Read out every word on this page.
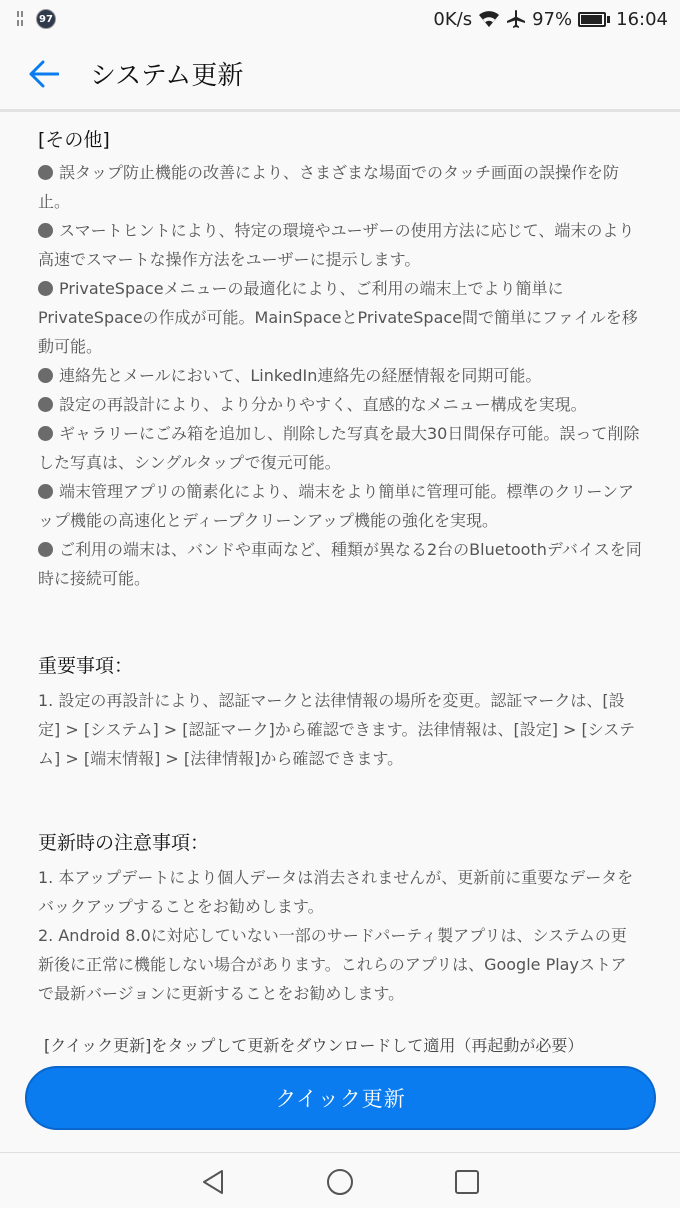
97	0K/s	97% 16:04
システム更新
[その他]
誤タップ防止機能の改善により、さまざまな場面でのタッチ画面の誤操作を防止。
スマートヒントにより、特定の環境やユーザーの使用方法に応じて、端末のより高速でスマートな操作方法をユーザーに提示します。
PrivateSpaceメニューの最適化により、ご利用の端末上でより簡単にPrivateSpaceの作成が可能。MainSpaceとPrivateSpace間で簡単にファイルを移動可能。
連絡先とメールにおいて、LinkedIn連絡先の経歴情報を同期可能。
設定の再設計により、より分かりやすく、直感的なメニュー構成を実現。
ギャラリーにごみ箱を追加し、削除した写真を最大30日間保存可能。誤って削除した写真は、シングルタップで復元可能。
端末管理アプリの簡素化により、端末をより簡単に管理可能。標準のクリーンアップ機能の高速化とディープクリーンアップ機能の強化を実現。
ご利用の端末は、バンドや車両など、種類が異なる2台のBluetoothデバイスを同時に接続可能。
重要事項：
1. 設定の再設計により、認証マークと法律情報の場所を変更。認証マークは、[設定] > [システム] > [認証マーク]から確認できます。法律情報は、[設定] > [システム] > [端末情報] > [法律情報]から確認できます。
更新時の注意事項：
1. 本アップデートにより個人データは消去されませんが、更新前に重要なデータをバックアップすることをお勧めします。
2. Android 8.0に対応していない一部のサードパーティ製アプリは、システムの更新後に正常に機能しない場合があります。これらのアプリは、Google Playストアで最新バージョンに更新することをお勧めします。
[クイック更新]をタップして更新をダウンロードして適用（再起動が必要）
クイック更新
